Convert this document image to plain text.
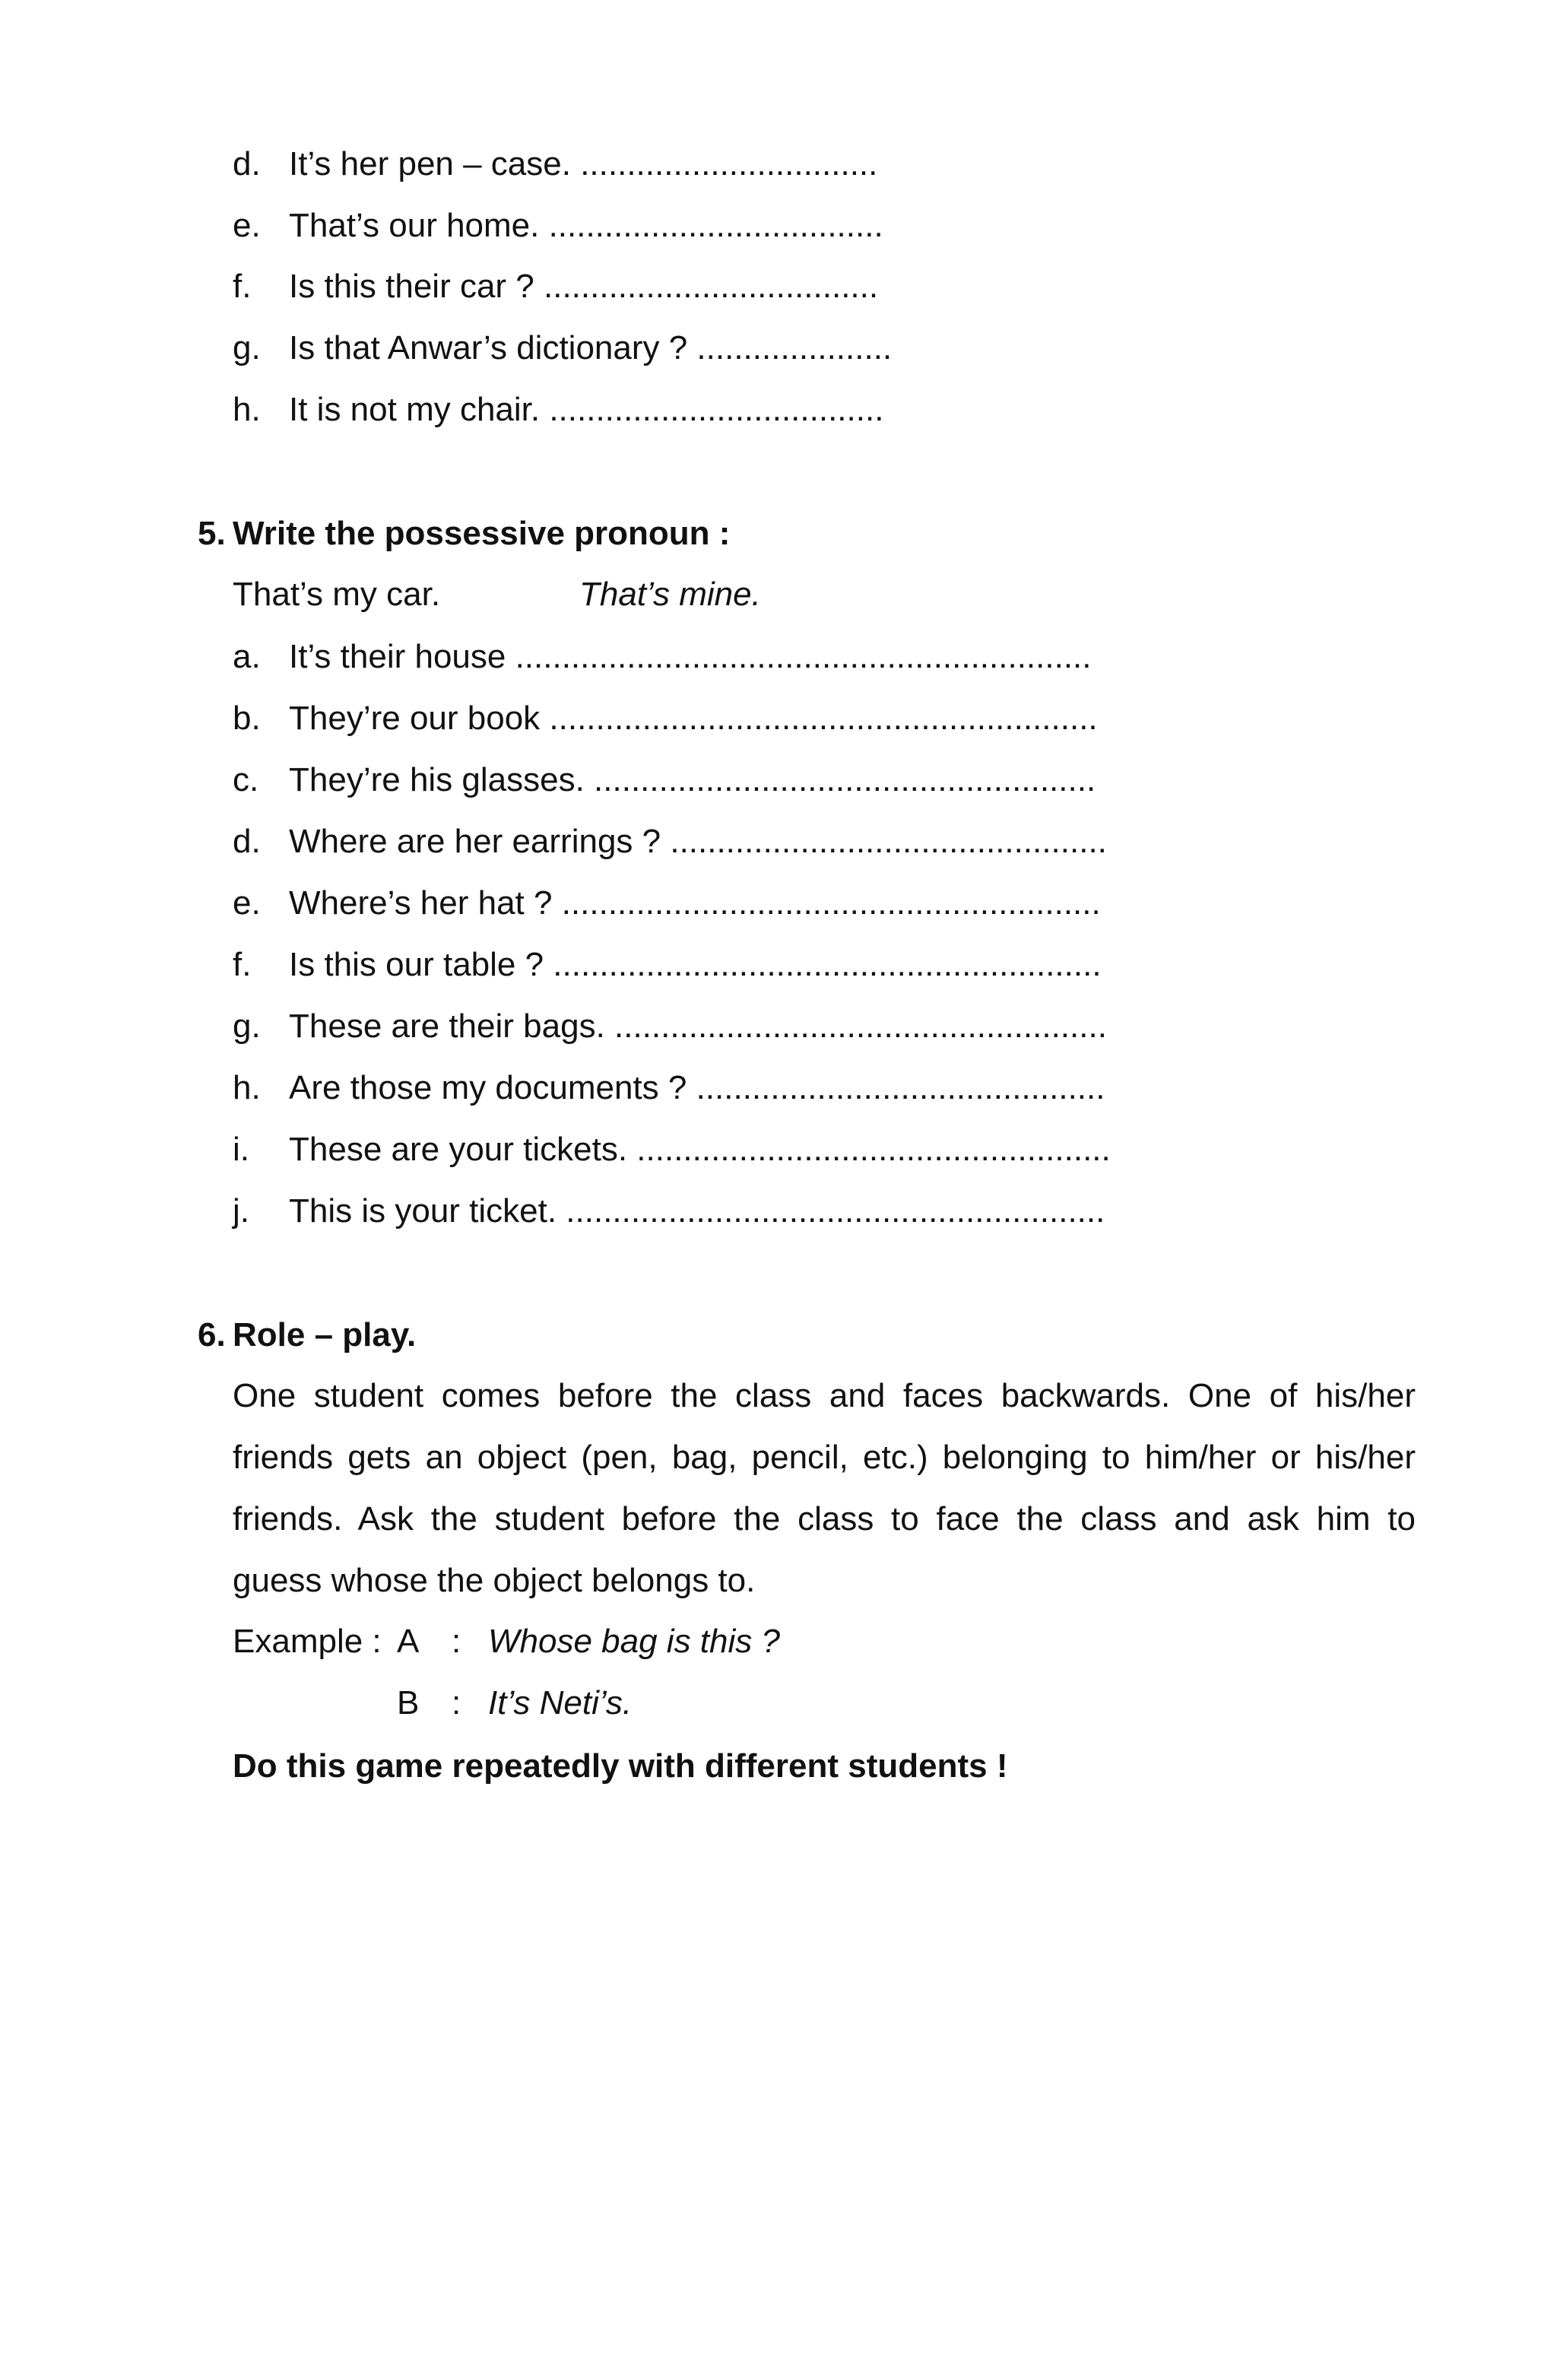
d. It’s her pen – case. ................................
e. That’s our home. ....................................
f. Is this their car ? ....................................
g. Is that Anwar’s dictionary ? .....................
h. It is not my chair. ....................................
5. Write the possessive pronoun :
That’s my car.	That’s mine.
a. It’s their house ..............................................................
b. They’re our book ...........................................................
c. They’re his glasses. ......................................................
d. Where are her earrings ? ...............................................
e. Where’s her hat ? ..........................................................
f. Is this our table ? ...........................................................
g. These are their bags. .....................................................
h. Are those my documents ? ............................................
i. These are your tickets. ...................................................
j. This is your ticket. ..........................................................
6. Role – play.
One student comes before the class and faces backwards. One of his/her
friends gets an object (pen, bag, pencil, etc.) belonging to him/her or his/her
friends. Ask the student before the class to face the class and ask him to
guess whose the object belongs to.
Example : A : Whose bag is this ?
B : It’s Neti’s.
Do this game repeatedly with different students !
